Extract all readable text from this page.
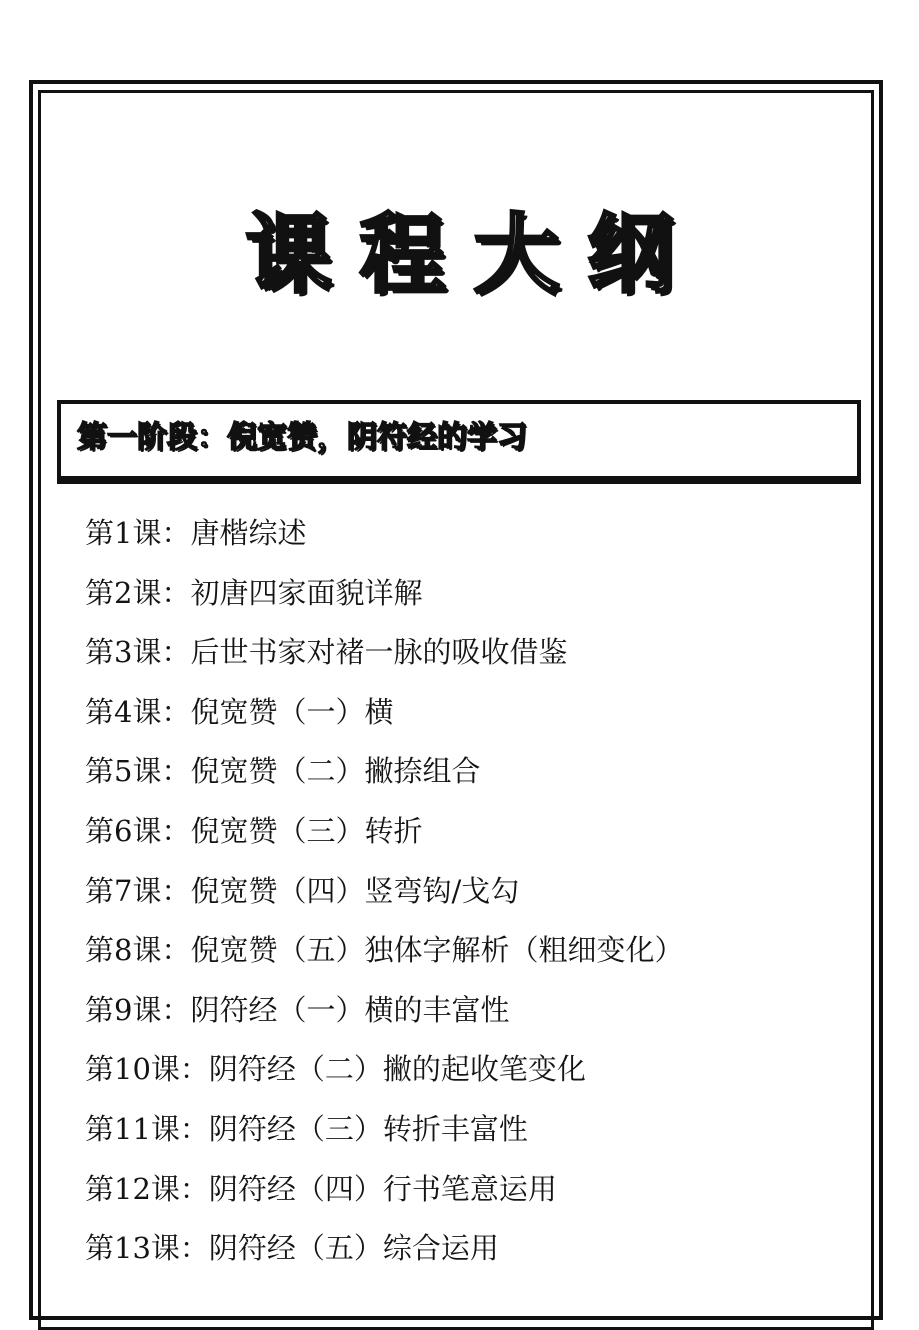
课程大纲
第一阶段：倪宽赞，阴符经的学习
第1课：唐楷综述
第2课：初唐四家面貌详解
第3课：后世书家对褚一脉的吸收借鉴
第4课：倪宽赞（一）横
第5课：倪宽赞（二）撇捺组合
第6课：倪宽赞（三）转折
第7课：倪宽赞（四）竖弯钩/戈勾
第8课：倪宽赞（五）独体字解析（粗细变化）
第9课：阴符经（一）横的丰富性
第10课：阴符经（二）撇的起收笔变化
第11课：阴符经（三）转折丰富性
第12课：阴符经（四）行书笔意运用
第13课：阴符经（五）综合运用
